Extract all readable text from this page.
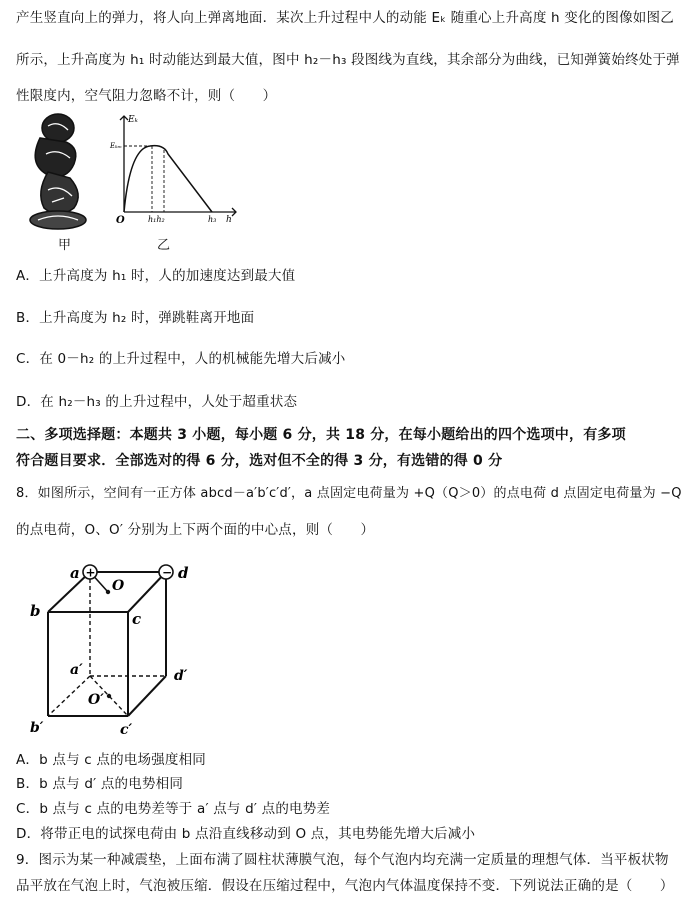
产生竖直向上的弹力，将人向上弹离地面．某次上升过程中人的动能 Eₖ 随重心上升高度 h 变化的图像如图乙
所示，上升高度为 h₁ 时动能达到最大值，图中 h₂－h₃ 段图线为直线，其余部分为曲线，已知弹簧始终处于弹
性限度内，空气阻力忽略不计，则（　　）
甲
Eₖ
Eₖₘ
O	h₁h₂	h₃ h
乙
A．上升高度为 h₁ 时，人的加速度达到最大值
B．上升高度为 h₂ 时，弹跳鞋离开地面
C．在 0－h₂ 的上升过程中，人的机械能先增大后减小
D．在 h₂－h₃ 的上升过程中，人处于超重状态
二、多项选择题：本题共 3 小题，每小题 6 分，共 18 分，在每小题给出的四个选项中，有多项
符合题目要求．全部选对的得 6 分，选对但不全的得 3 分，有选错的得 0 分
8．如图所示，空间有一正方体 abcd－a′b′c′d′，a 点固定电荷量为 +Q（Q＞0）的点电荷 d 点固定电荷量为 −Q
的点电荷，O、O′ 分别为上下两个面的中心点，则（　　）
+	−
a	d
b	c
O
a′	d′
O′
b′	c′
A．b 点与 c 点的电场强度相同
B．b 点与 d′ 点的电势相同
C．b 点与 c 点的电势差等于 a′ 点与 d′ 点的电势差
D．将带正电的试探电荷由 b 点沿直线移动到 O 点，其电势能先增大后减小
9．图示为某一种减震垫，上面布满了圆柱状薄膜气泡，每个气泡内均充满一定质量的理想气体．当平板状物
品平放在气泡上时，气泡被压缩．假设在压缩过程中，气泡内气体温度保持不变．下列说法正确的是（　　）
